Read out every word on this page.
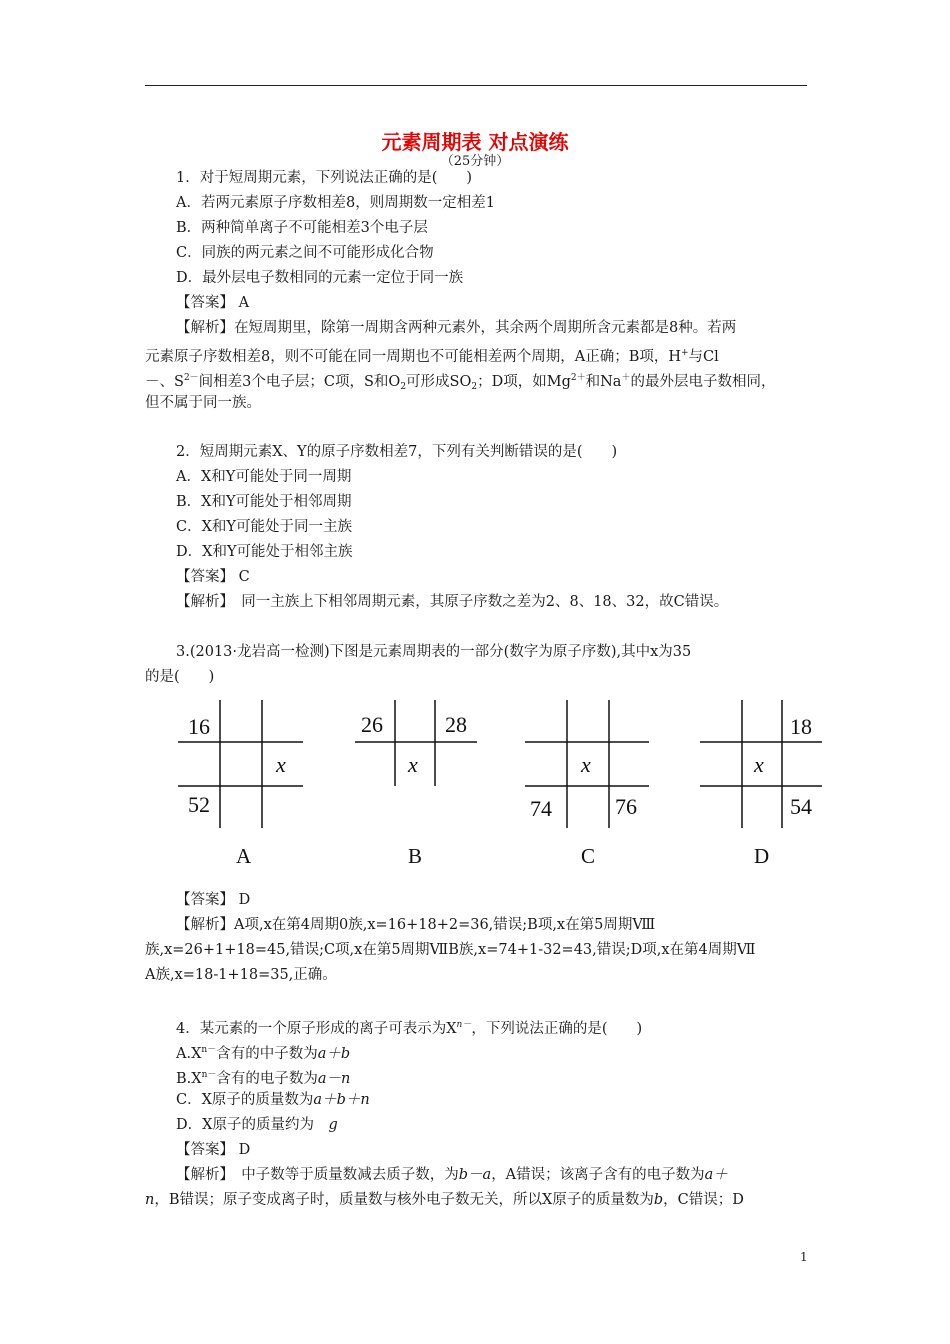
元素周期表 对点演练
（25分钟）
1．对于短周期元素，下列说法正确的是(　　)
A．若两元素原子序数相差8，则周期数一定相差1
B．两种简单离子不可能相差3个电子层
C．同族的两元素之间不可能形成化合物
D．最外层电子数相同的元素一定位于同一族
【答案】 A
【解析】在短周期里，除第一周期含两种元素外，其余两个周期所含元素都是8种。若两
元素原子序数相差8，则不可能在同一周期也不可能相差两个周期，A正确；B项，H+与Cl
－、$S^{2-}$间相差3个电子层；C项，S和$O_2$可形成$SO_2$；D项，如$Mg^{2+}$和Na＋的最外层电子数相同，
但不属于同一族。
2．短周期元素X、Y的原子序数相差7，下列有关判断错误的是(　　)
A．X和Y可能处于同一周期
B．X和Y可能处于相邻周期
C．X和Y可能处于同一主族
D．X和Y可能处于相邻主族
【答案】 C
【解析】　同一主族上下相邻周期元素，其原子序数之差为2、8、18、32，故C错误。
3.(2013·龙岩高一检测)下图是元素周期表的一部分(数字为原子序数),其中x为35
的是(　　)
16
x
52
A
26	28
x
B
x
74	76
C
18
x
54
D
【答案】 D
【解析】A项,x在第4周期0族,x=16+18+2=36,错误;B项,x在第5周期Ⅷ
族,x=26+1+18=45,错误;C项,x在第5周期ⅦB族,x=74+1-32=43,错误;D项,x在第4周期Ⅶ
A族,x=18-1+18=35,正确。
4．某元素的一个原子形成的离子可表示为$X^{n-}$，下列说法正确的是(　　)
$A.X^{n-}$含有的中子数为a＋b
$B.X^{n-}$含有的电子数为a－n
C．X原子的质量数为a＋b＋n
D．X原子的质量约为　g
【答案】 D
【解析】　中子数等于质量数减去质子数，为b－a，A错误；该离子含有的电子数为a＋
n，B错误；原子变成离子时，质量数与核外电子数无关，所以X原子的质量数为b，C错误；D
1
